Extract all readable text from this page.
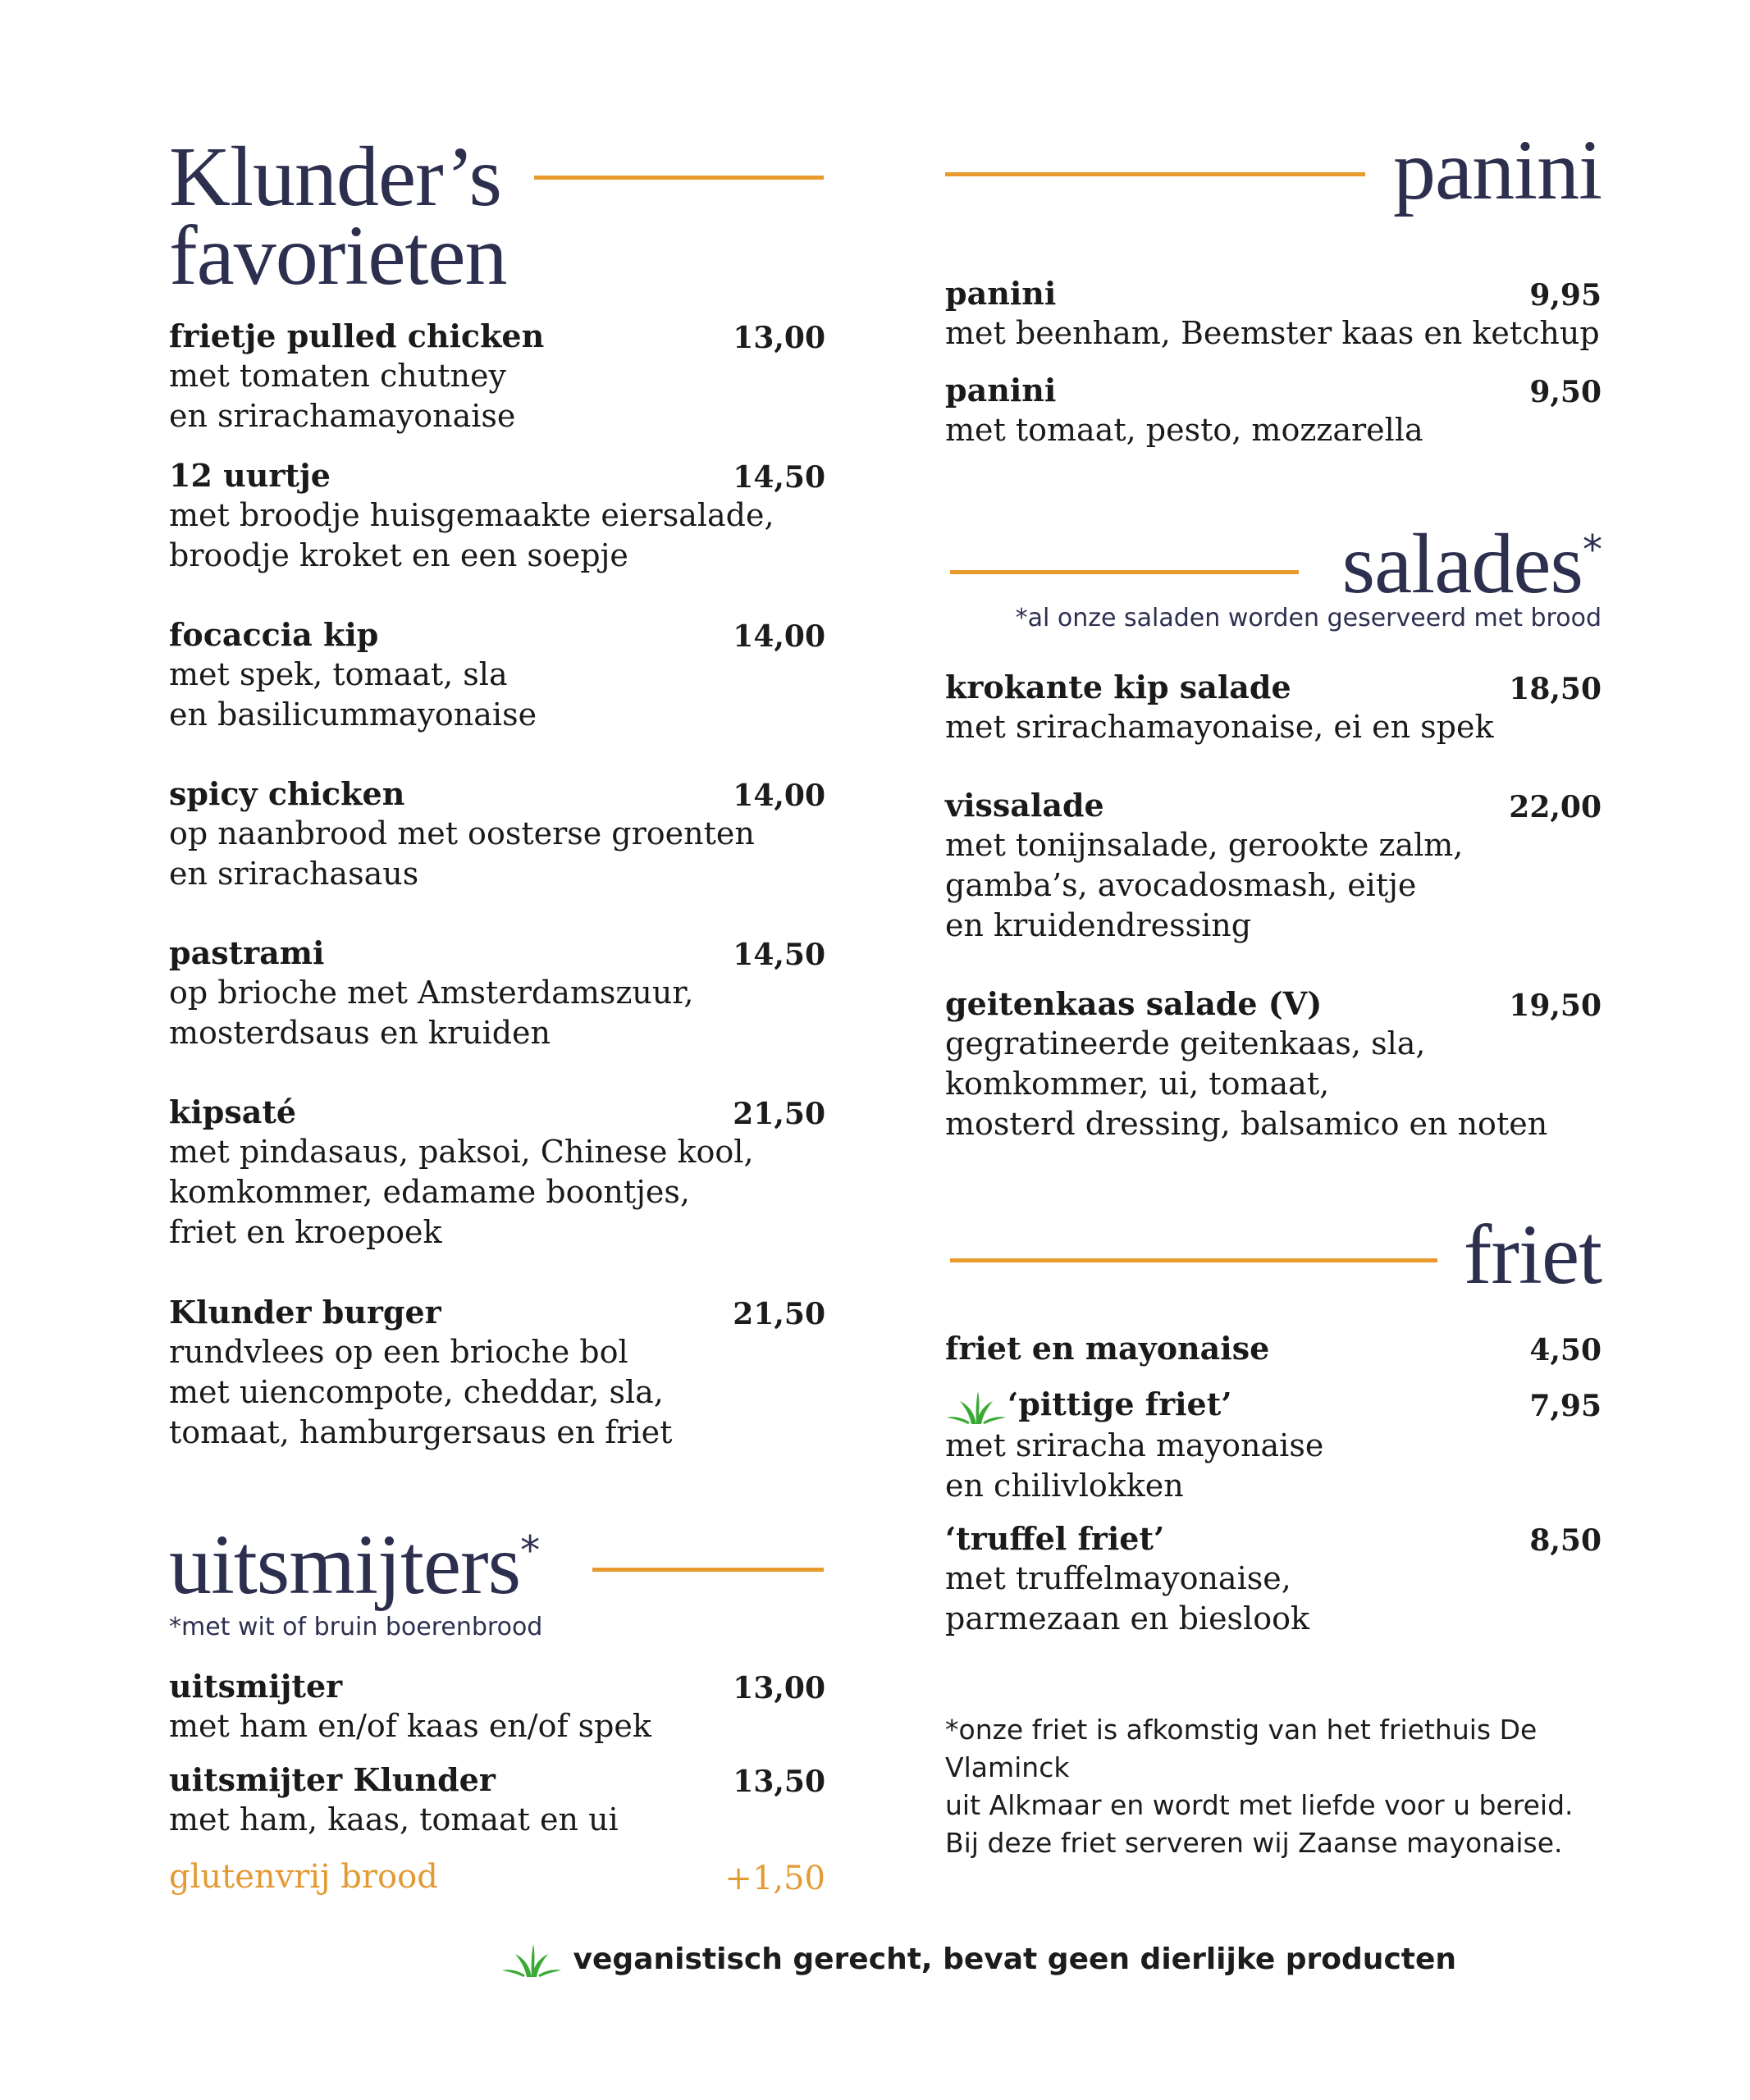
Klunder’s
favorieten
frietje pulled chicken	13,00
met tomaten chutney
en srirachamayonaise
12 uurtje	14,50
met broodje huisgemaakte eiersalade,
broodje kroket en een soepje
focaccia kip	14,00
met spek, tomaat, sla
en basilicummayonaise
spicy chicken	14,00
op naanbrood met oosterse groenten
en srirachasaus
pastrami	14,50
op brioche met Amsterdamszuur,
mosterdsaus en kruiden
kipsaté	21,50
met pindasaus, paksoi, Chinese kool,
komkommer, edamame boontjes,
friet en kroepoek
Klunder burger	21,50
rundvlees op een brioche bol
met uiencompote, cheddar, sla,
tomaat, hamburgersaus en friet
uitsmijters*
*met wit of bruin boerenbrood
uitsmijter	13,00
met ham en/of kaas en/of spek
uitsmijter Klunder	13,50
met ham, kaas, tomaat en ui
glutenvrij brood	+1,50
panini
panini	9,95
met beenham, Beemster kaas en ketchup
panini	9,50
met tomaat, pesto, mozzarella
salades*
*al onze saladen worden geserveerd met brood
krokante kip salade	18,50
met srirachamayonaise, ei en spek
vissalade	22,00
met tonijnsalade, gerookte zalm,
gamba’s, avocadosmash, eitje
en kruidendressing
geitenkaas salade (V)	19,50
gegratineerde geitenkaas, sla,
komkommer, ui, tomaat,
mosterd dressing, balsamico en noten
friet
friet en mayonaise	4,50
‘pittige friet’	7,95
met sriracha mayonaise
en chilivlokken
‘truffel friet’	8,50
met truffelmayonaise,
parmezaan en bieslook
*onze friet is afkomstig van het friethuis De Vlaminck
uit Alkmaar en wordt met liefde voor u bereid.
Bij deze friet serveren wij Zaanse mayonaise.
veganistisch gerecht, bevat geen dierlijke producten
